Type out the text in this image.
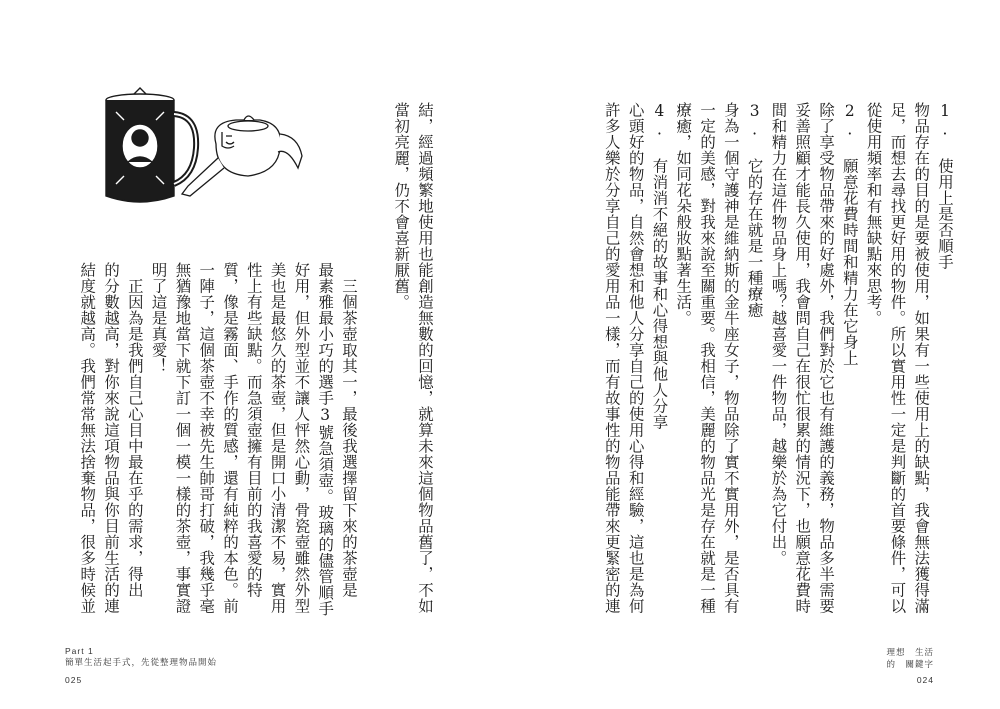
1. 使用上是否順手
物品存在的目的是要被使用，如果有一些使用上的缺點，我會無法獲得滿
足，而想去尋找更好用的物件。所以實用性一定是判斷的首要條件，可以
從使用頻率和有無缺點來思考。
2. 願意花費時間和精力在它身上
除了享受物品帶來的好處外，我們對於它也有維護的義務，物品多半需要
妥善照顧才能長久使用，我會問自己在很忙很累的情況下，也願意花費時
間和精力在這件物品身上嗎？越喜愛一件物品，越樂於為它付出。
3. 它的存在就是一種療癒
身為一個守護神是維納斯的金牛座女子，物品除了實不實用外，是否具有
一定的美感，對我來說至關重要。我相信，美麗的物品光是存在就是一種
療癒，如同花朵般妝點著生活。
4. 有消消不絕的故事和心得想與他人分享
心頭好的物品，自然會想和他人分享自己的使用心得和經驗，這也是為何
許多人樂於分享自己的愛用品一樣，而有故事性的物品能帶來更緊密的連
理想　生活
的　關鍵字
024
結，經過頻繁地使用也能創造無數的回憶，就算未來這個物品舊了，不如
當初亮麗，仍不會喜新厭舊。
　三個茶壺取其一，最後我選擇留下來的茶壺是
最素雅最小巧的選手3號急須壺。玻璃的儘管順手
好用，但外型並不讓人怦然心動，骨瓷壺雖然外型
美也是最悠久的茶壺，但是開口小清潔不易，實用
性上有些缺點。而急須壺擁有目前的我喜愛的特
質，像是霧面、手作的質感，還有純粹的本色。前
一陣子，這個茶壺不幸被先生帥哥打破，我幾乎毫
無猶豫地當下就下訂一個一模一樣的茶壺，事實證
明了這是真愛！
　正因為是我們自己心目中最在乎的需求，得出
的分數越高，對你來說這項物品與你目前生活的連
結度就越高。我們常常無法捨棄物品，很多時候並
Part 1
簡單生活起手式，先從整理物品開始
025
